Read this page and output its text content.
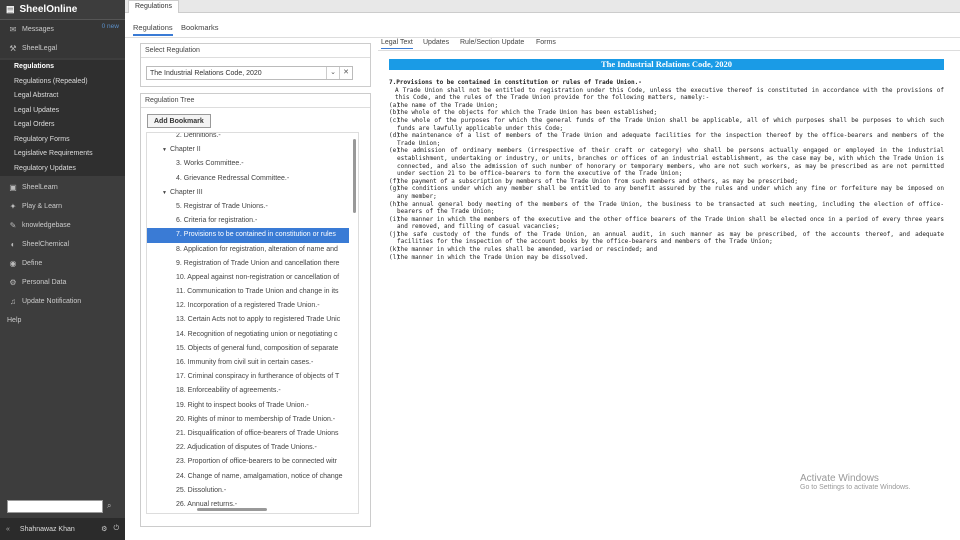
▤ SheelOnline
✉ Messages	0 new
⚒ SheelLegal
Regulations
Regulations (Repealed)
Legal Abstract
Legal Updates
Legal Orders
Regulatory Forms
Legislative Requirements
Regulatory Updates
▣ SheelLearn
✦ Play & Learn
✎ knowledgebase
◐ SheelChemical
◉ Define
⚙ Personal Data
♫ Update Notification
Help
⌕
« Shahnawaz Khan	⚙ ⏻
Regulations
Regulations Bookmarks
Select Regulation
The Industrial Relations Code, 2020	⌄	✕
Regulation Tree
Add Bookmark
2. Definitions.-
▼ Chapter II
3. Works Committee.-
4. Grievance Redressal Committee.-
▼ Chapter III
5. Registrar of Trade Unions.-
6. Criteria for registration.-
7. Provisions to be contained in constitution or rules
8. Application for registration, alteration of name and
9. Registration of Trade Union and cancellation there
10. Appeal against non-registration or cancellation of
11. Communication to Trade Union and change in its
12. Incorporation of a registered Trade Union.-
13. Certain Acts not to apply to registered Trade Unic
14. Recognition of negotiating union or negotiating c
15. Objects of general fund, composition of separate
16. Immunity from civil suit in certain cases.-
17. Criminal conspiracy in furtherance of objects of T
18. Enforceability of agreements.-
19. Right to inspect books of Trade Union.-
20. Rights of minor to membership of Trade Union.-
21. Disqualification of office-bearers of Trade Unions
22. Adjudication of disputes of Trade Unions.-
23. Proportion of office-bearers to be connected witr
24. Change of name, amalgamation, notice of change
25. Dissolution.-
26. Annual returns.-
Legal Text Updates Rule/Section Update Forms
The Industrial Relations Code, 2020
7.Provisions to be contained in constitution or rules of Trade Union.-
A Trade Union shall not be entitled to registration under this Code, unless the executive thereof is constituted in accordance with the provisions of this Code, and the rules of the Trade Union provide for the following matters, namely:-
(a)
the name of the Trade Union;
(b)
the whole of the objects for which the Trade Union has been established;
(c)
the whole of the purposes for which the general funds of the Trade Union shall be applicable, all of which purposes shall be purposes to which such funds are lawfully applicable under this Code;
(d)
the maintenance of a list of members of the Trade Union and adequate facilities for the inspection thereof by the office-bearers and members of the Trade Union;
(e)
the admission of ordinary members (irrespective of their craft or category) who shall be persons actually engaged or employed in the industrial establishment, undertaking or industry, or units, branches or offices of an industrial establishment, as the case may be, with which the Trade Union is connected, and also the admission of such number of honorary or temporary members, who are not such workers, as may be prescribed as are not permitted under section 21 to be office-bearers to form the executive of the Trade Union;
(f)
the payment of a subscription by members of the Trade Union from such members and others, as may be prescribed;
(g)
the conditions under which any member shall be entitled to any benefit assured by the rules and under which any fine or forfeiture may be imposed on any member;
(h)
the annual general body meeting of the members of the Trade Union, the business to be transacted at such meeting, including the election of office-bearers of the Trade Union;
(i)
the manner in which the members of the executive and the other office bearers of the Trade Union shall be elected once in a period of every three years and removed, and filling of casual vacancies;
(j)
the safe custody of the funds of the Trade Union, an annual audit, in such manner as may be prescribed, of the accounts thereof, and adequate facilities for the inspection of the account books by the office-bearers and members of the Trade Union;
(k)
the manner in which the rules shall be amended, varied or rescinded; and
(l)
the manner in which the Trade Union may be dissolved.
Activate Windows
Go to Settings to activate Windows.
